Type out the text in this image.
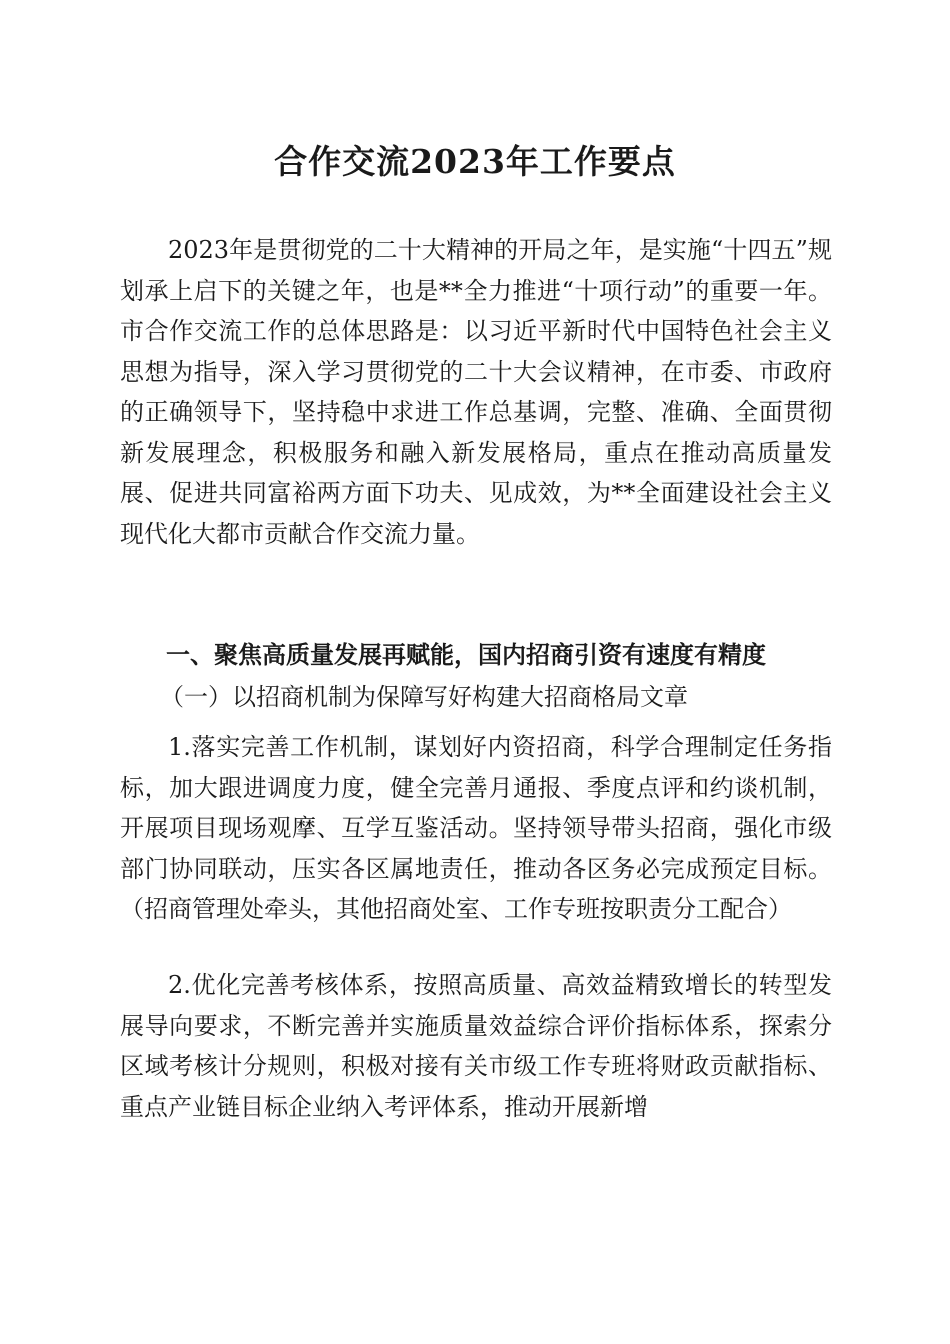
合作交流2023年工作要点

2023年是贯彻党的二十大精神的开局之年，是实施“十四五”规划承上启下的关键之年，也是**全力推进“十项行动”的重要一年。市合作交流工作的总体思路是：以习近平新时代中国特色社会主义思想为指导，深入学习贯彻党的二十大会议精神，在市委、市政府的正确领导下，坚持稳中求进工作总基调，完整、准确、全面贯彻新发展理念，积极服务和融入新发展格局，重点在推动高质量发展、促进共同富裕两方面下功夫、见成效，为**全面建设社会主义现代化大都市贡献合作交流力量。

一、聚焦高质量发展再赋能，国内招商引资有速度有精度
（一）以招商机制为保障写好构建大招商格局文章

1.落实完善工作机制，谋划好内资招商，科学合理制定任务指标，加大跟进调度力度，健全完善月通报、季度点评和约谈机制，开展项目现场观摩、互学互鉴活动。坚持领导带头招商，强化市级部门协同联动，压实各区属地责任，推动各区务必完成预定目标。（招商管理处牵头，其他招商处室、工作专班按职责分工配合）

2.优化完善考核体系，按照高质量、高效益精致增长的转型发展导向要求，不断完善并实施质量效益综合评价指标体系，探索分区域考核计分规则，积极对接有关市级工作专班将财政贡献指标、重点产业链目标企业纳入考评体系，推动开展新增
